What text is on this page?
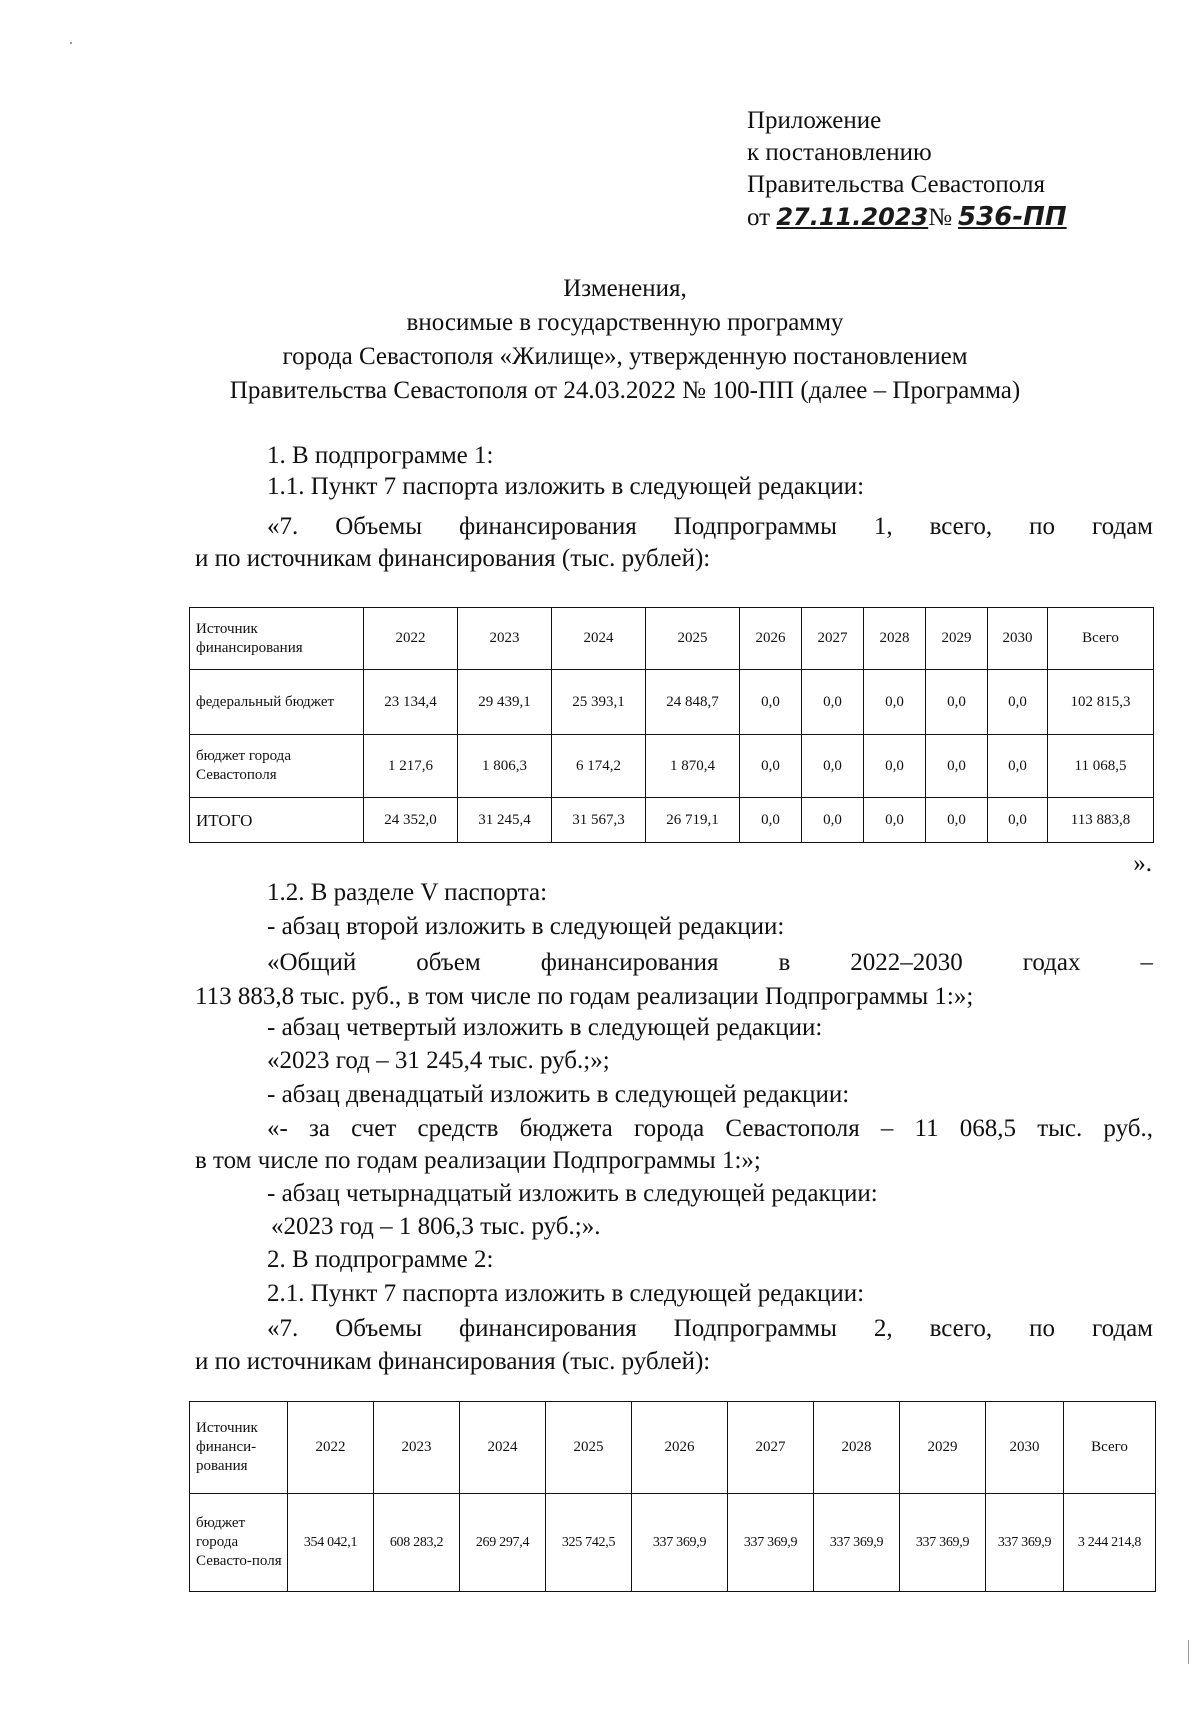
Приложение
к постановлению
Правительства Севастополя
от 27.11.2023№ 536-ПП
Изменения,
вносимые в государственную программу
города Севастополя «Жилище», утвержденную постановлением
Правительства Севастополя от 24.03.2022 № 100-ПП (далее – Программа)
1. В подпрограмме 1:
1.1. Пункт 7 паспорта изложить в следующей редакции:
«7. Объемы финансирования Подпрограммы 1, всего, по годам
и по источникам финансирования (тыс. рублей):
Источник финансирования	2022	2023	2024	2025	2026	2027	2028	2029	2030	Всего
федеральный бюджет	23 134,4	29 439,1	25 393,1	24 848,7	0,0	0,0	0,0	0,0	0,0	102 815,3
бюджет города Севастополя	1 217,6	1 806,3	6 174,2	1 870,4	0,0	0,0	0,0	0,0	0,0	11 068,5
ИТОГО	24 352,0	31 245,4	31 567,3	26 719,1	0,0	0,0	0,0	0,0	0,0	113 883,8
».
1.2. В разделе V паспорта:
- абзац второй изложить в следующей редакции:
«Общий объем финансирования в 2022–2030 годах –
113 883,8 тыс. руб., в том числе по годам реализации Подпрограммы 1:»;
- абзац четвертый изложить в следующей редакции:
«2023 год – 31 245,4 тыс. руб.;»;
- абзац двенадцатый изложить в следующей редакции:
«- за счет средств бюджета города Севастополя – 11 068,5 тыс. руб.,
в том числе по годам реализации Подпрограммы 1:»;
- абзац четырнадцатый изложить в следующей редакции:
«2023 год – 1 806,3 тыс. руб.;».
2. В подпрограмме 2:
2.1. Пункт 7 паспорта изложить в следующей редакции:
«7. Объемы финансирования Подпрограммы 2, всего, по годам
и по источникам финансирования (тыс. рублей):
Источник финанси-рования	2022	2023	2024	2025	2026	2027	2028	2029	2030	Всего
бюджет города Севасто-поля	354 042,1	608 283,2	269 297,4	325 742,5	337 369,9	337 369,9	337 369,9	337 369,9	337 369,9	3 244 214,8
